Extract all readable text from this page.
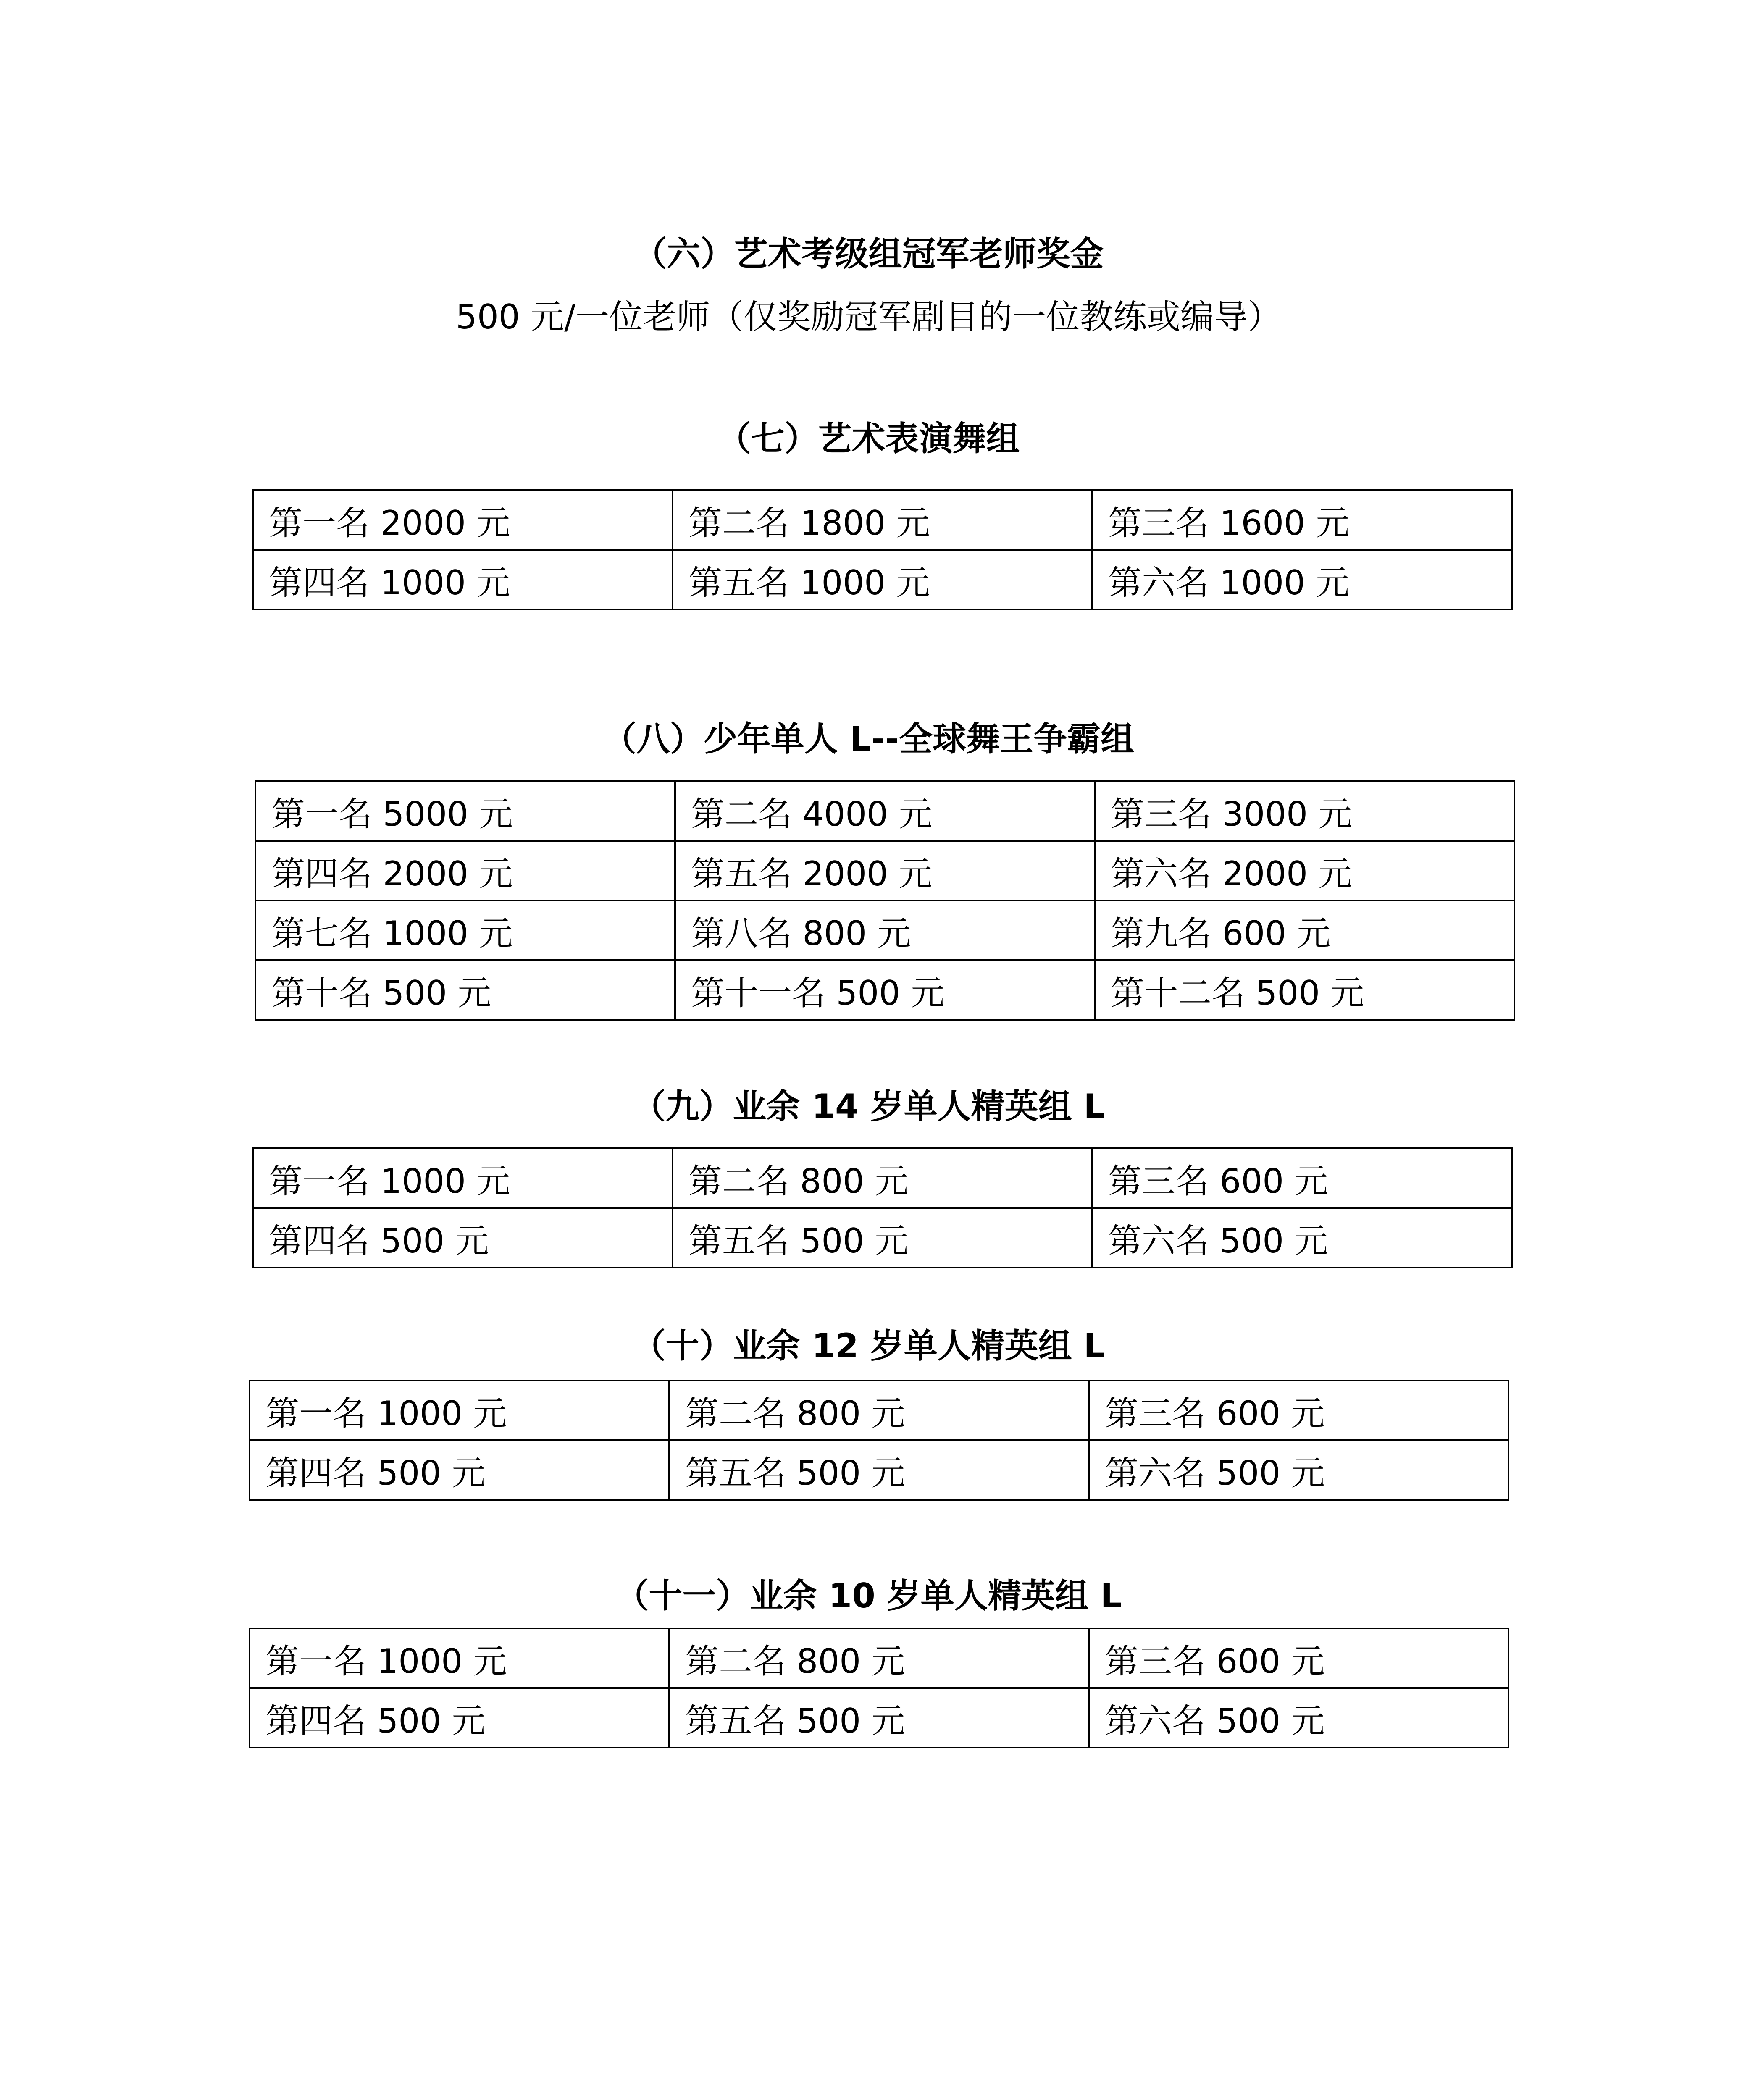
（六）艺术考级组冠军老师奖金
500 元/一位老师（仅奖励冠军剧目的一位教练或编导）
（七）艺术表演舞组
第一名 2000 元	第二名 1800 元	第三名 1600 元
第四名 1000 元	第五名 1000 元	第六名 1000 元
（八）少年单人 L--全球舞王争霸组
第一名 5000 元	第二名 4000 元	第三名 3000 元
第四名 2000 元	第五名 2000 元	第六名 2000 元
第七名 1000 元	第八名 800 元	第九名 600 元
第十名 500 元	第十一名 500 元	第十二名 500 元
（九）业余 14 岁单人精英组 L
第一名 1000 元	第二名 800 元	第三名 600 元
第四名 500 元	第五名 500 元	第六名 500 元
（十）业余 12 岁单人精英组 L
第一名 1000 元	第二名 800 元	第三名 600 元
第四名 500 元	第五名 500 元	第六名 500 元
（十一）业余 10 岁单人精英组 L
第一名 1000 元	第二名 800 元	第三名 600 元
第四名 500 元	第五名 500 元	第六名 500 元
